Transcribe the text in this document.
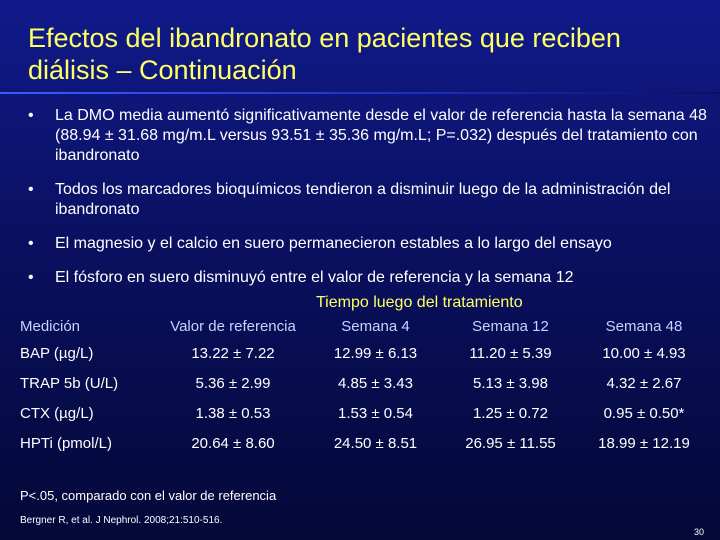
Efectos del ibandronato en pacientes que reciben diálisis – Continuación
• La DMO media aumentó significativamente desde el valor de referencia hasta la semana 48 (88.94 ± 31.68 mg/m.L versus 93.51 ± 35.36 mg/m.L; P=.032) después del tratamiento con ibandronato
• Todos los marcadores bioquímicos tendieron a disminuir luego de la administración del ibandronato
• El magnesio y el calcio en suero permanecieron estables a lo largo del ensayo
• El fósforo en suero disminuyó entre el valor de referencia y la semana 12
Tiempo luego del tratamiento
Medición	Valor de referencia	Semana 4	Semana 12	Semana 48
BAP (µg/L)	13.22 ± 7.22	12.99 ± 6.13	11.20 ± 5.39	10.00 ± 4.93
TRAP 5b (U/L)	5.36 ± 2.99	4.85 ± 3.43	5.13 ± 3.98	4.32 ± 2.67
CTX (µg/L)	1.38 ± 0.53	1.53 ± 0.54	1.25 ± 0.72	0.95 ± 0.50*
HPTi (pmol/L)	20.64 ± 8.60	24.50 ± 8.51	26.95 ± 11.55	18.99 ± 12.19
P<.05, comparado con el valor de referencia
Bergner R, et al. J Nephrol. 2008;21:510-516.
30
